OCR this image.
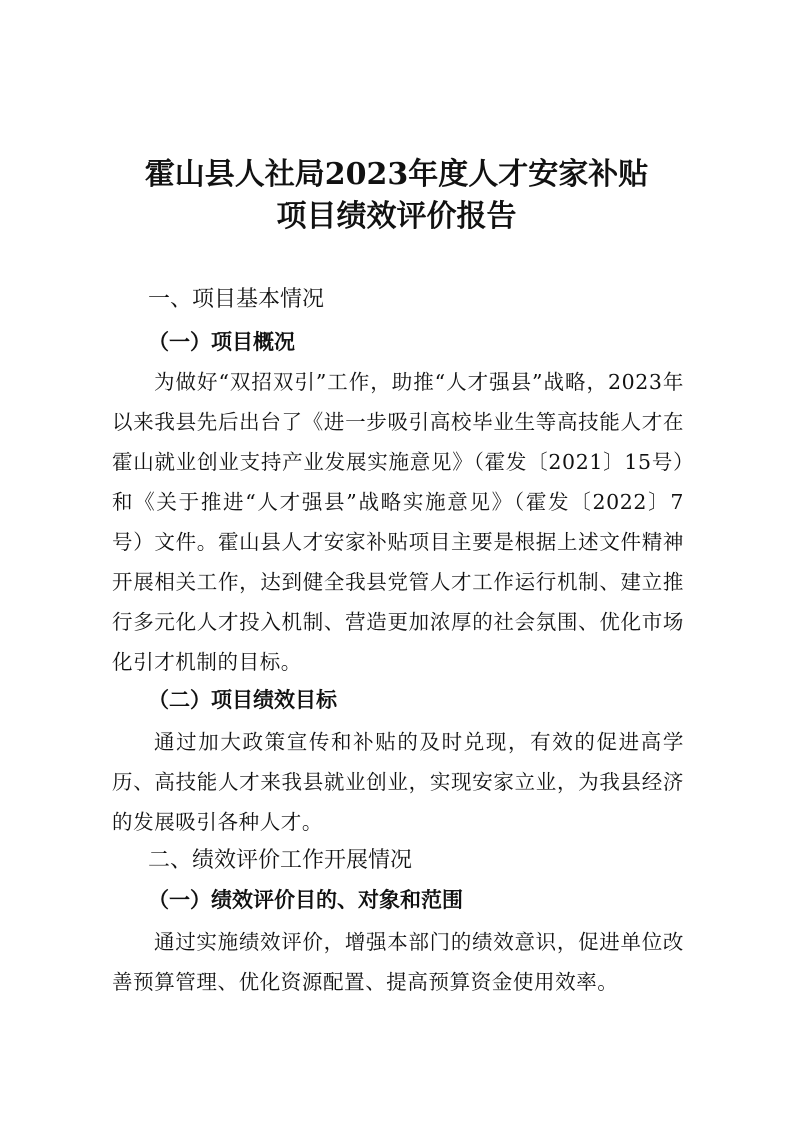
霍山县人社局2023年度人才安家补贴
项目绩效评价报告
一、项目基本情况
（一）项目概况
为做好“双招双引”工作，助推“人才强县”战略，2023年以来我县先后出台了《进一步吸引高校毕业生等高技能人才在霍山就业创业支持产业发展实施意见》（霍发〔2021〕15号）和《关于推进“人才强县”战略实施意见》（霍发〔2022〕7号）文件。霍山县人才安家补贴项目主要是根据上述文件精神开展相关工作，达到健全我县党管人才工作运行机制、建立推行多元化人才投入机制、营造更加浓厚的社会氛围、优化市场化引才机制的目标。
（二）项目绩效目标
通过加大政策宣传和补贴的及时兑现，有效的促进高学历、高技能人才来我县就业创业，实现安家立业，为我县经济的发展吸引各种人才。
二、绩效评价工作开展情况
（一）绩效评价目的、对象和范围
通过实施绩效评价，增强本部门的绩效意识，促进单位改善预算管理、优化资源配置、提高预算资金使用效率。
